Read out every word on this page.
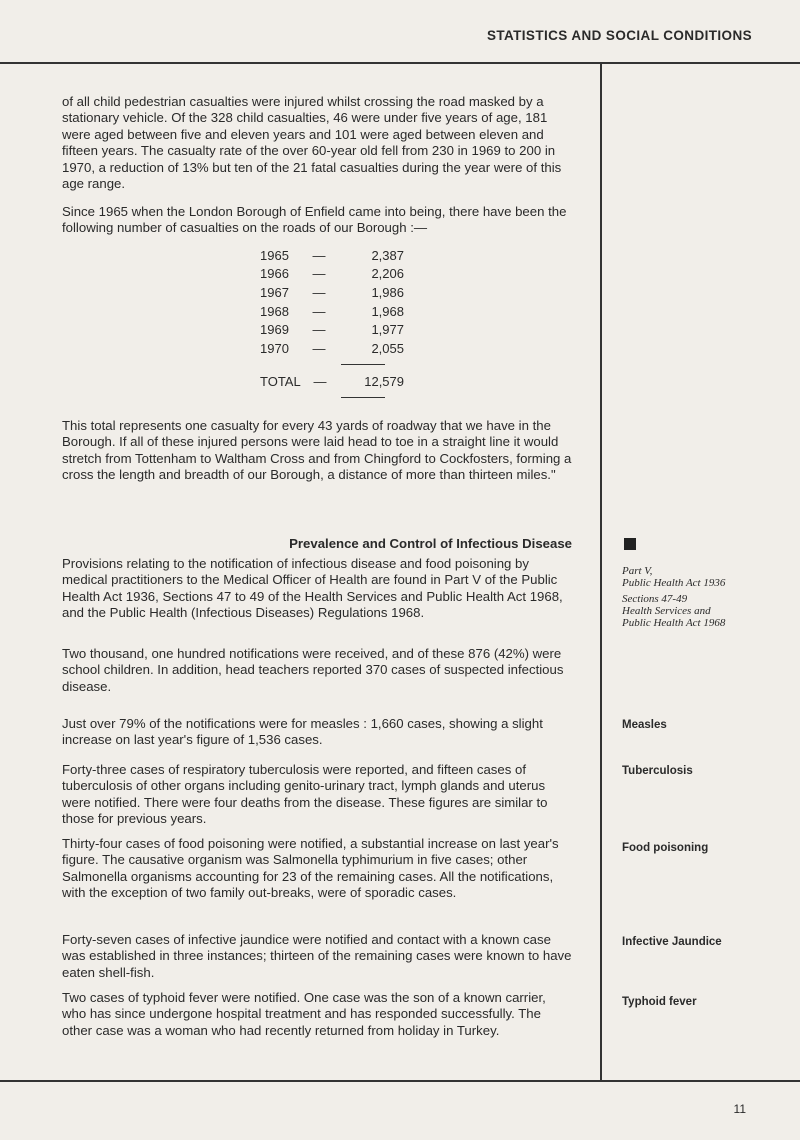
STATISTICS AND SOCIAL CONDITIONS

of all child pedestrian casualties were injured whilst crossing the road masked by a stationary vehicle. Of the 328 child casualties, 46 were under five years of age, 181 were aged between five and eleven years and 101 were aged between eleven and fifteen years. The casualty rate of the over 60-year old fell from 230 in 1969 to 200 in 1970, a reduction of 13% but ten of the 21 fatal casualties during the year were of this age range.

Since 1965 when the London Borough of Enfield came into being, there have been the following number of casualties on the roads of our Borough :—

1965	—	2,387
1966	—	2,206
1967	—	1,986
1968	—	1,968
1969	—	1,977
1970	—	2,055
TOTAL	—	12,579

This total represents one casualty for every 43 yards of roadway that we have in the Borough. If all of these injured persons were laid head to toe in a straight line it would stretch from Tottenham to Waltham Cross and from Chingford to Cockfosters, forming a cross the length and breadth of our Borough, a distance of more than thirteen miles."

Prevalence and Control of Infectious Disease

Provisions relating to the notification of infectious disease and food poisoning by medical practitioners to the Medical Officer of Health are found in Part V of the Public Health Act 1936, Sections 47 to 49 of the Health Services and Public Health Act 1968, and the Public Health (Infectious Diseases) Regulations 1968.

Two thousand, one hundred notifications were received, and of these 876 (42%) were school children. In addition, head teachers reported 370 cases of suspected infectious disease.

Just over 79% of the notifications were for measles : 1,660 cases, showing a slight increase on last year's figure of 1,536 cases.

Forty-three cases of respiratory tuberculosis were reported, and fifteen cases of tuberculosis of other organs including genito-urinary tract, lymph glands and uterus were notified. There were four deaths from the disease. These figures are similar to those for previous years.

Thirty-four cases of food poisoning were notified, a substantial increase on last year's figure. The causative organism was Salmonella typhimurium in five cases; other Salmonella organisms accounting for 23 of the remaining cases. All the notifications, with the exception of two family out-breaks, were of sporadic cases.

Forty-seven cases of infective jaundice were notified and contact with a known case was established in three instances; thirteen of the remaining cases were known to have eaten shell-fish.

Two cases of typhoid fever were notified. One case was the son of a known carrier, who has since undergone hospital treatment and has responded successfully. The other case was a woman who had recently returned from holiday in Turkey.

Part V,
Public Health Act 1936
Sections 47-49
Health Services and
Public Health Act 1968
Measles
Tuberculosis
Food poisoning
Infective Jaundice
Typhoid fever
11
